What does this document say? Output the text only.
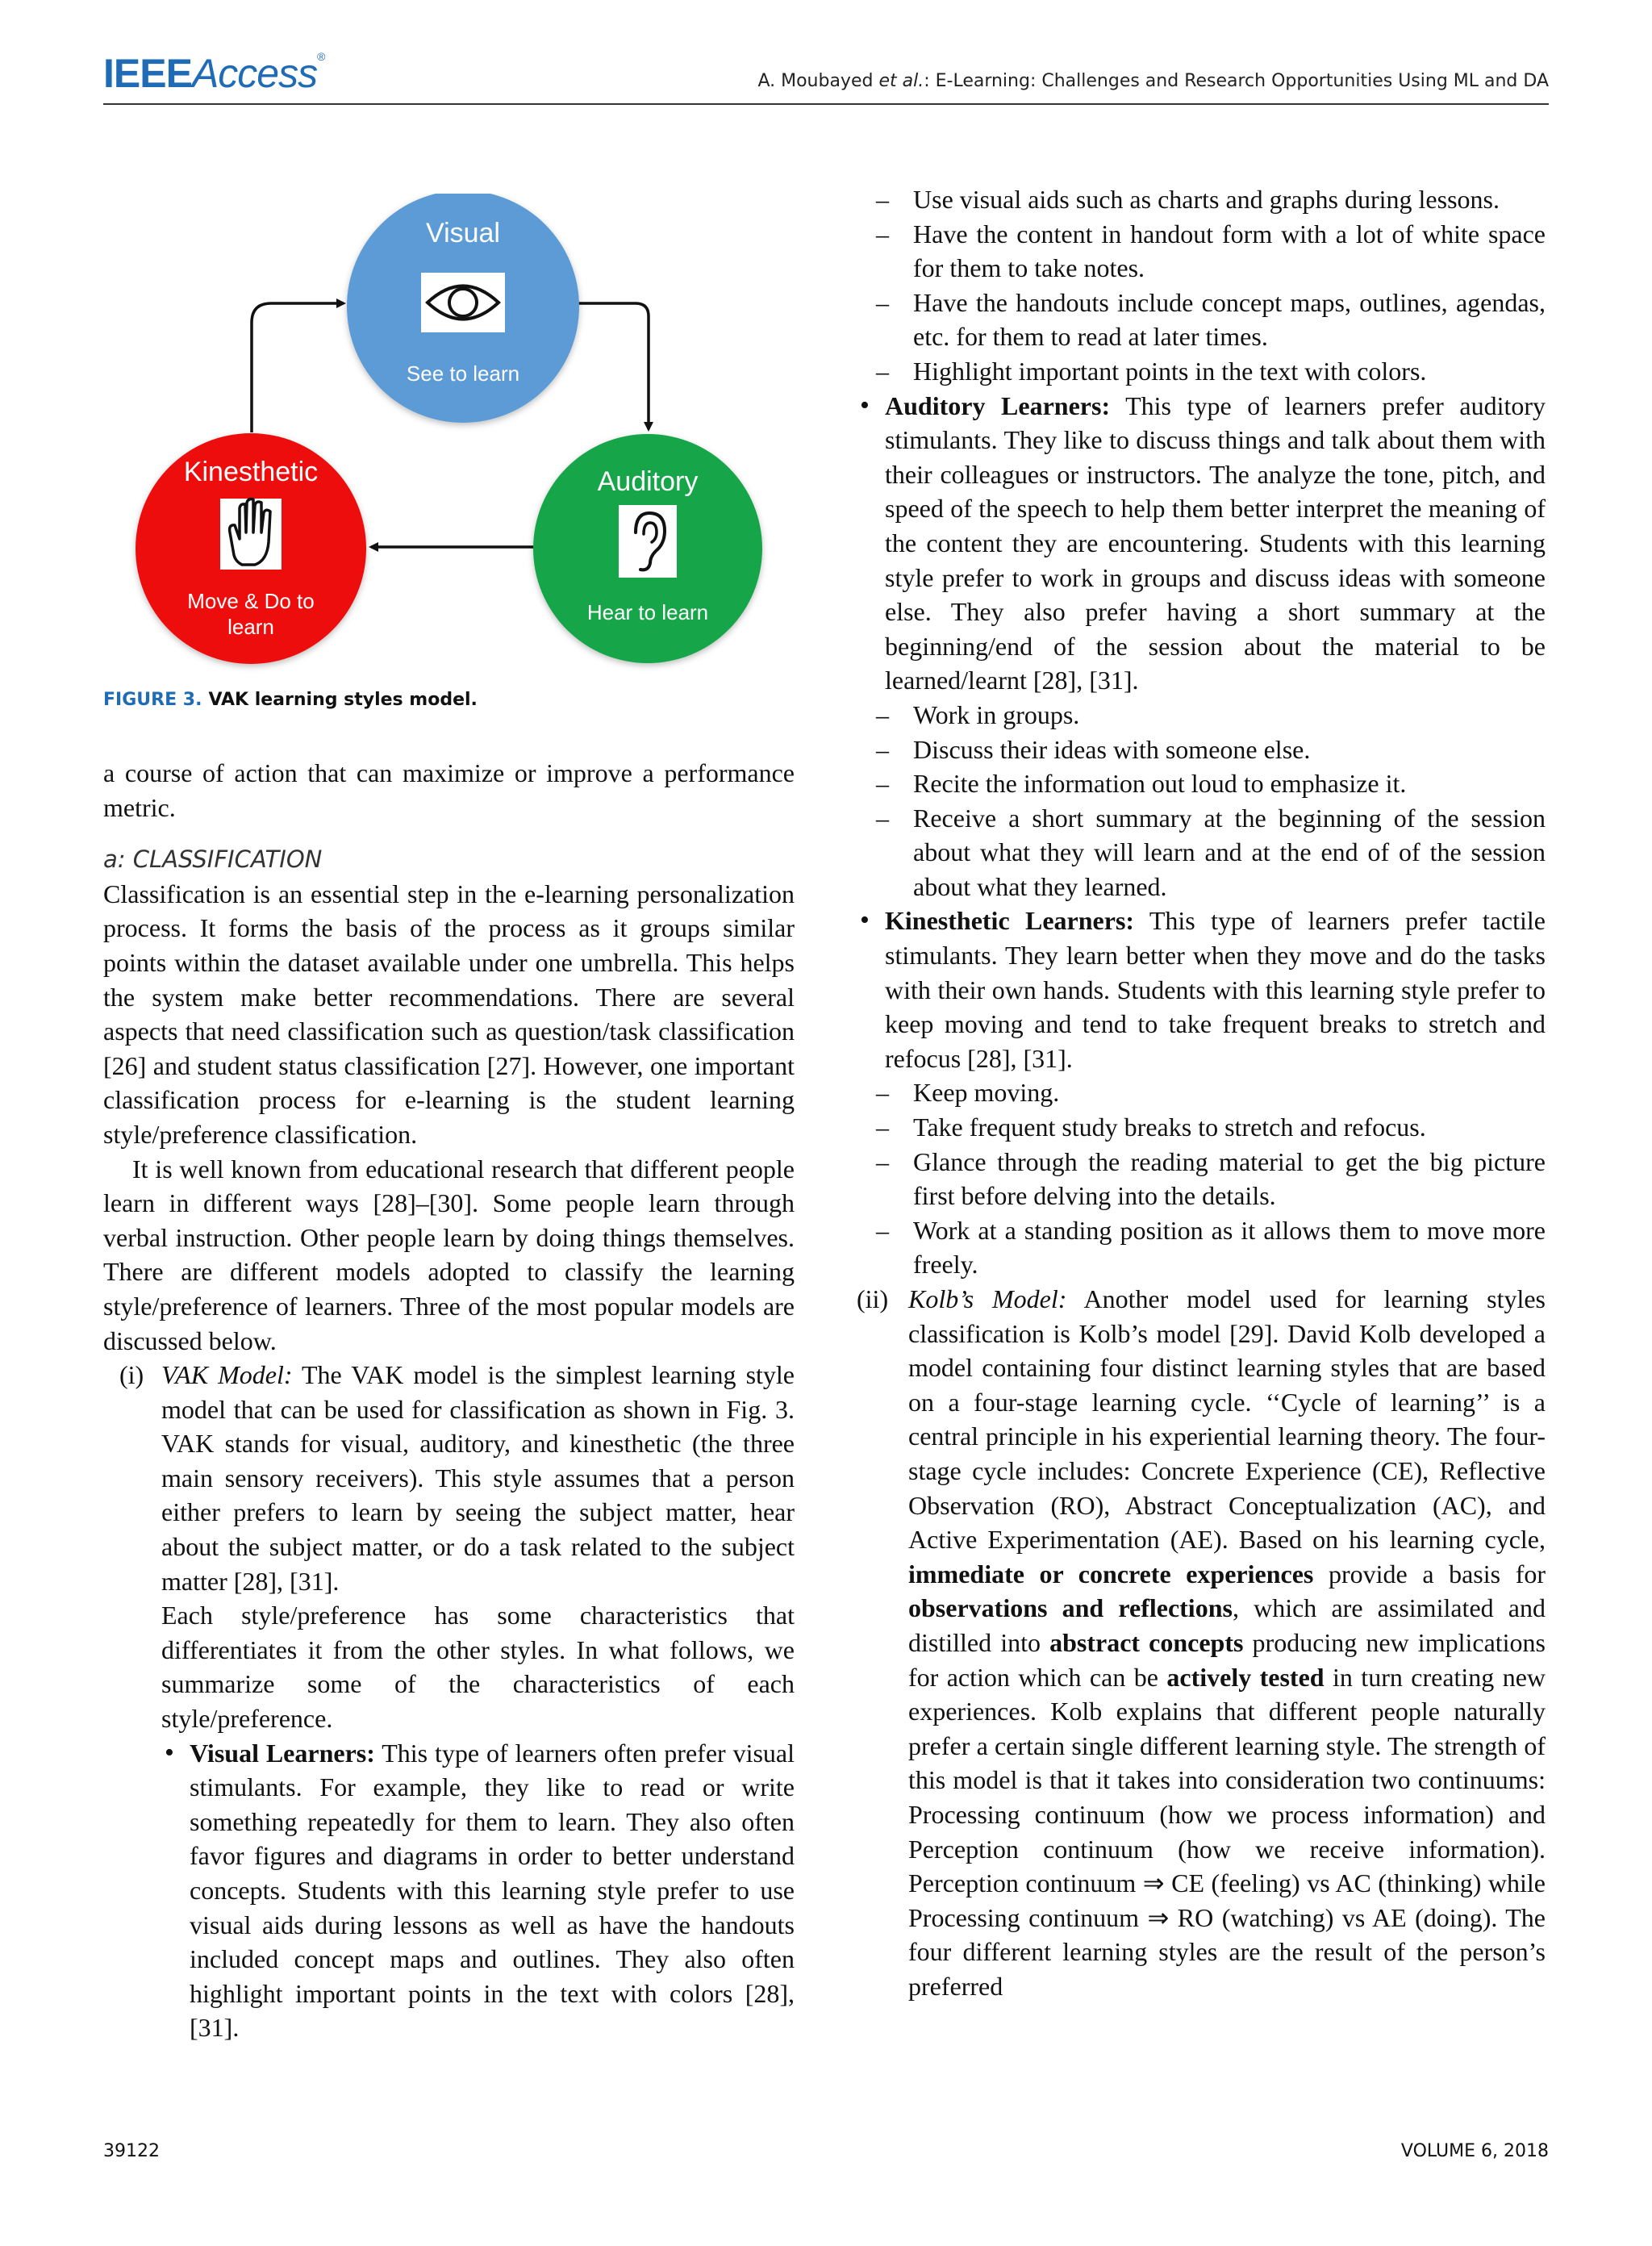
IEEEAccess®
A. Moubayed et al.: E-Learning: Challenges and Research Opportunities Using ML and DA
Visual
See to learn
Kinesthetic
Move & Do to
learn
Auditory
Hear to learn
FIGURE 3. VAK learning styles model.

a course of action that can maximize or improve a performance metric.

a: CLASSIFICATION

Classification is an essential step in the e-learning personalization process. It forms the basis of the process as it groups similar points within the dataset available under one umbrella. This helps the system make better recommendations. There are several aspects that need classification such as question/task classification [26] and student status classification [27]. However, one important classification process for e-learning is the student learning style/preference classification.

It is well known from educational research that different people learn in different ways [28]–[30]. Some people learn through verbal instruction. Other people learn by doing things themselves. There are different models adopted to classify the learning style/preference of learners. Three of the most popular models are discussed below.

(i) VAK Model: The VAK model is the simplest learning style model that can be used for classification as shown in Fig. 3. VAK stands for visual, auditory, and kinesthetic (the three main sensory receivers). This style assumes that a person either prefers to learn by seeing the subject matter, hear about the subject matter, or do a task related to the subject matter [28], [31].

Each style/preference has some characteristics that differentiates it from the other styles. In what follows, we summarize some of the characteristics of each style/preference.

• Visual Learners: This type of learners often prefer visual stimulants. For example, they like to read or write something repeatedly for them to learn. They also often favor figures and diagrams in order to better understand concepts. Students with this learning style prefer to use visual aids during lessons as well as have the handouts included concept maps and outlines. They also often highlight important points in the text with colors [28], [31].

– Use visual aids such as charts and graphs during lessons.

– Have the content in handout form with a lot of white space for them to take notes.

– Have the handouts include concept maps, outlines, agendas, etc. for them to read at later times.

– Highlight important points in the text with colors.

• Auditory Learners: This type of learners prefer auditory stimulants. They like to discuss things and talk about them with their colleagues or instructors. The analyze the tone, pitch, and speed of the speech to help them better interpret the meaning of the content they are encountering. Students with this learning style prefer to work in groups and discuss ideas with someone else. They also prefer having a short summary at the beginning/end of the session about the material to be learned/learnt [28], [31].

– Work in groups.

– Discuss their ideas with someone else.

– Recite the information out loud to emphasize it.

– Receive a short summary at the beginning of the session about what they will learn and at the end of of the session about what they learned.

• Kinesthetic Learners: This type of learners prefer tactile stimulants. They learn better when they move and do the tasks with their own hands. Students with this learning style prefer to keep moving and tend to take frequent breaks to stretch and refocus [28], [31].

– Keep moving.

– Take frequent study breaks to stretch and refocus.

– Glance through the reading material to get the big picture first before delving into the details.

– Work at a standing position as it allows them to move more freely.

(ii) Kolb’s Model: Another model used for learning styles classification is Kolb’s model [29]. David Kolb developed a model containing four distinct learning styles that are based on a four-stage learning cycle. ‘‘Cycle of learning’’ is a central principle in his experiential learning theory. The four-stage cycle includes: Concrete Experience (CE), Reflective Observation (RO), Abstract Conceptualization (AC), and Active Experimentation (AE). Based on his learning cycle, immediate or concrete experiences provide a basis for observations and reflections, which are assimilated and distilled into abstract concepts producing new implications for action which can be actively tested in turn creating new experiences. Kolb explains that different people naturally prefer a certain single different learning style. The strength of this model is that it takes into consideration two continuums: Processing continuum (how we process information) and Perception continuum (how we receive information). Perception continuum ⇒ CE (feeling) vs AC (thinking) while Processing continuum ⇒ RO (watching) vs AE (doing). The four different learning styles are the result of the person’s preferred

39122	VOLUME 6, 2018
